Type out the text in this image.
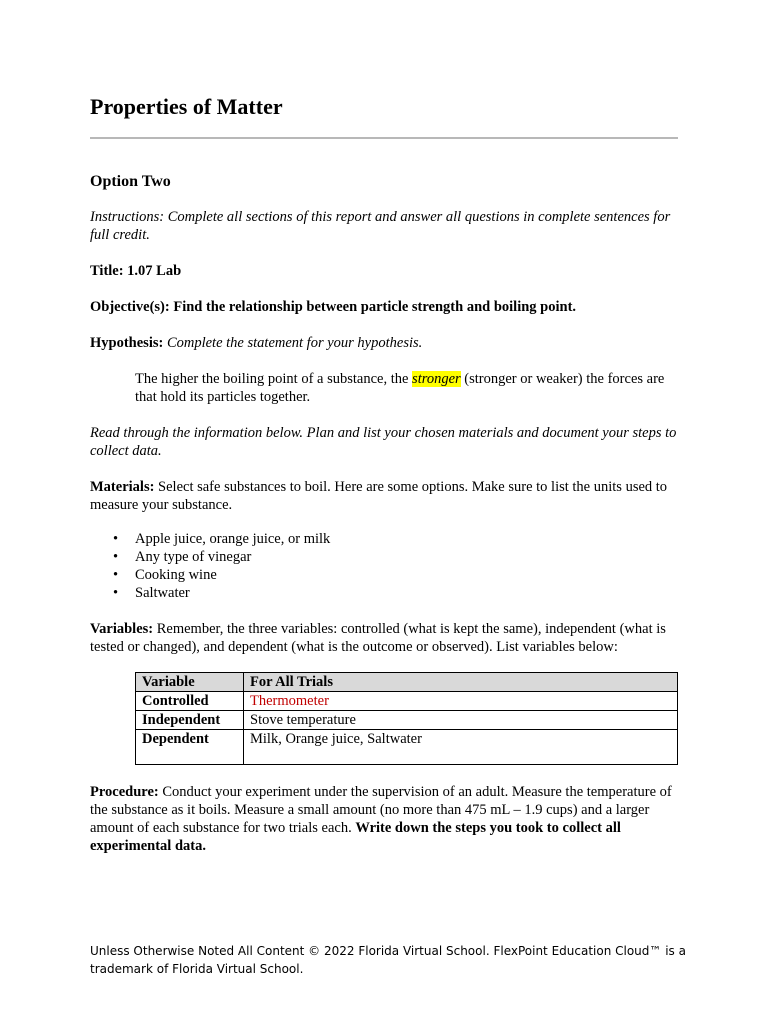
Properties of Matter
Option Two

Instructions: Complete all sections of this report and answer all questions in complete sentences for full credit.

Title: 1.07 Lab

Objective(s): Find the relationship between particle strength and boiling point.

Hypothesis: Complete the statement for your hypothesis.

The higher the boiling point of a substance, the stronger (stronger or weaker) the forces are that hold its particles together.

Read through the information below. Plan and list your chosen materials and document your steps to collect data.

Materials: Select safe substances to boil. Here are some options. Make sure to list the units used to measure your substance.

• Apple juice, orange juice, or milk
• Any type of vinegar
• Cooking wine
• Saltwater

Variables: Remember, the three variables: controlled (what is kept the same), independent (what is tested or changed), and dependent (what is the outcome or observed). List variables below:

Variable	For All Trials
Controlled	Thermometer
Independent	Stove temperature
Dependent	Milk, Orange juice, Saltwater

Procedure: Conduct your experiment under the supervision of an adult. Measure the temperature of the substance as it boils. Measure a small amount (no more than 475 mL – 1.9 cups) and a larger amount of each substance for two trials each. Write down the steps you took to collect all experimental data.

Unless Otherwise Noted All Content © 2022 Florida Virtual School. FlexPoint Education Cloud™ is a trademark of Florida Virtual School.
